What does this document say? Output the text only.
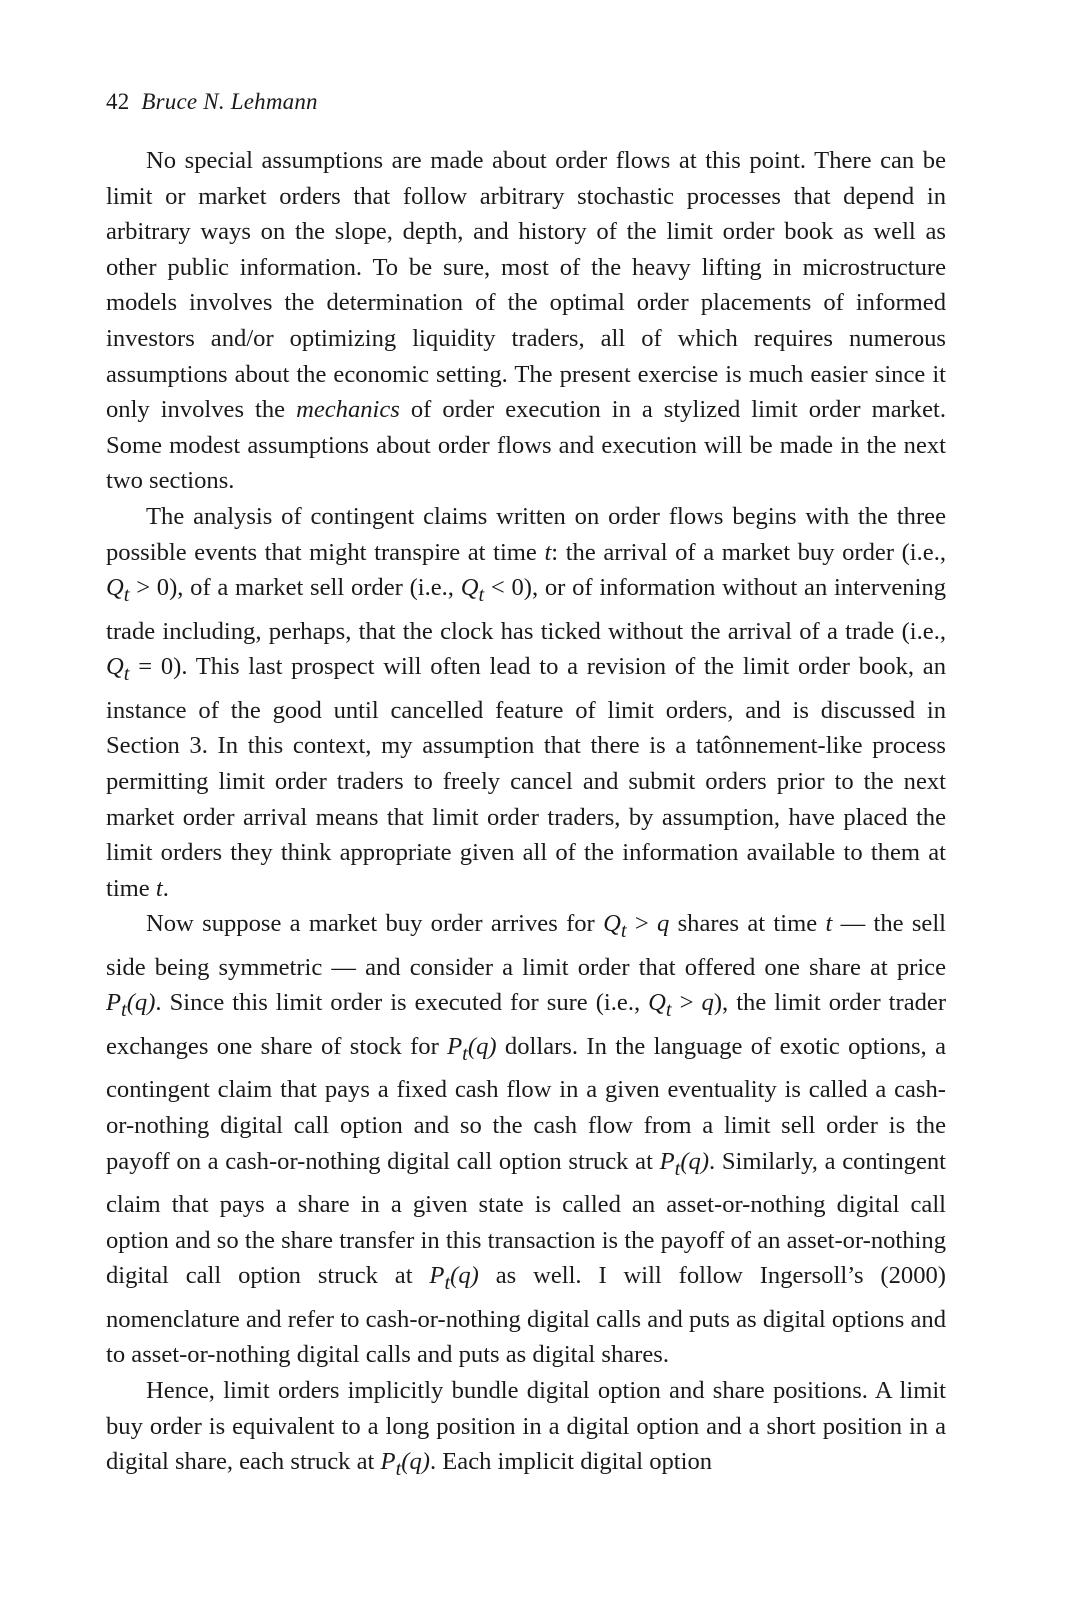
42 Bruce N. Lehmann

No special assumptions are made about order flows at this point. There can be limit or market orders that follow arbitrary stochastic processes that depend in arbitrary ways on the slope, depth, and history of the limit order book as well as other public information. To be sure, most of the heavy lifting in microstructure models involves the determination of the optimal order placements of informed investors and/or optimizing liquidity traders, all of which requires numerous assumptions about the economic setting. The present exercise is much easier since it only involves the mechanics of order execution in a stylized limit order market. Some modest assumptions about order flows and execution will be made in the next two sections.

The analysis of contingent claims written on order flows begins with the three possible events that might transpire at time t: the arrival of a market buy order (i.e., $Q_t > 0$), of a market sell order (i.e., $Q_t < 0$), or of information without an intervening trade including, perhaps, that the clock has ticked without the arrival of a trade (i.e., $Q_t = 0$). This last prospect will often lead to a revision of the limit order book, an instance of the good until cancelled feature of limit orders, and is discussed in Section 3. In this context, my assumption that there is a tatônnement-like process permitting limit order traders to freely cancel and submit orders prior to the next market order arrival means that limit order traders, by assumption, have placed the limit orders they think appropriate given all of the information available to them at time t.

Now suppose a market buy order arrives for $Q_t > q$ shares at time t — the sell side being symmetric — and consider a limit order that offered one share at price $P_t(q)$. Since this limit order is executed for sure (i.e., $Q_t > q$), the limit order trader exchanges one share of stock for $P_t(q)$ dollars. In the language of exotic options, a contingent claim that pays a fixed cash flow in a given eventuality is called a cash-or-nothing digital call option and so the cash flow from a limit sell order is the payoff on a cash-or-nothing digital call option struck at $P_t(q)$. Similarly, a contingent claim that pays a share in a given state is called an asset-or-nothing digital call option and so the share transfer in this transaction is the payoff of an asset-or-nothing digital call option struck at $P_t(q)$ as well. I will follow Ingersoll’s (2000) nomenclature and refer to cash-or-nothing digital calls and puts as digital options and to asset-or-nothing digital calls and puts as digital shares.

Hence, limit orders implicitly bundle digital option and share positions. A limit buy order is equivalent to a long position in a digital option and a short position in a digital share, each struck at $P_t(q)$. Each implicit digital option
